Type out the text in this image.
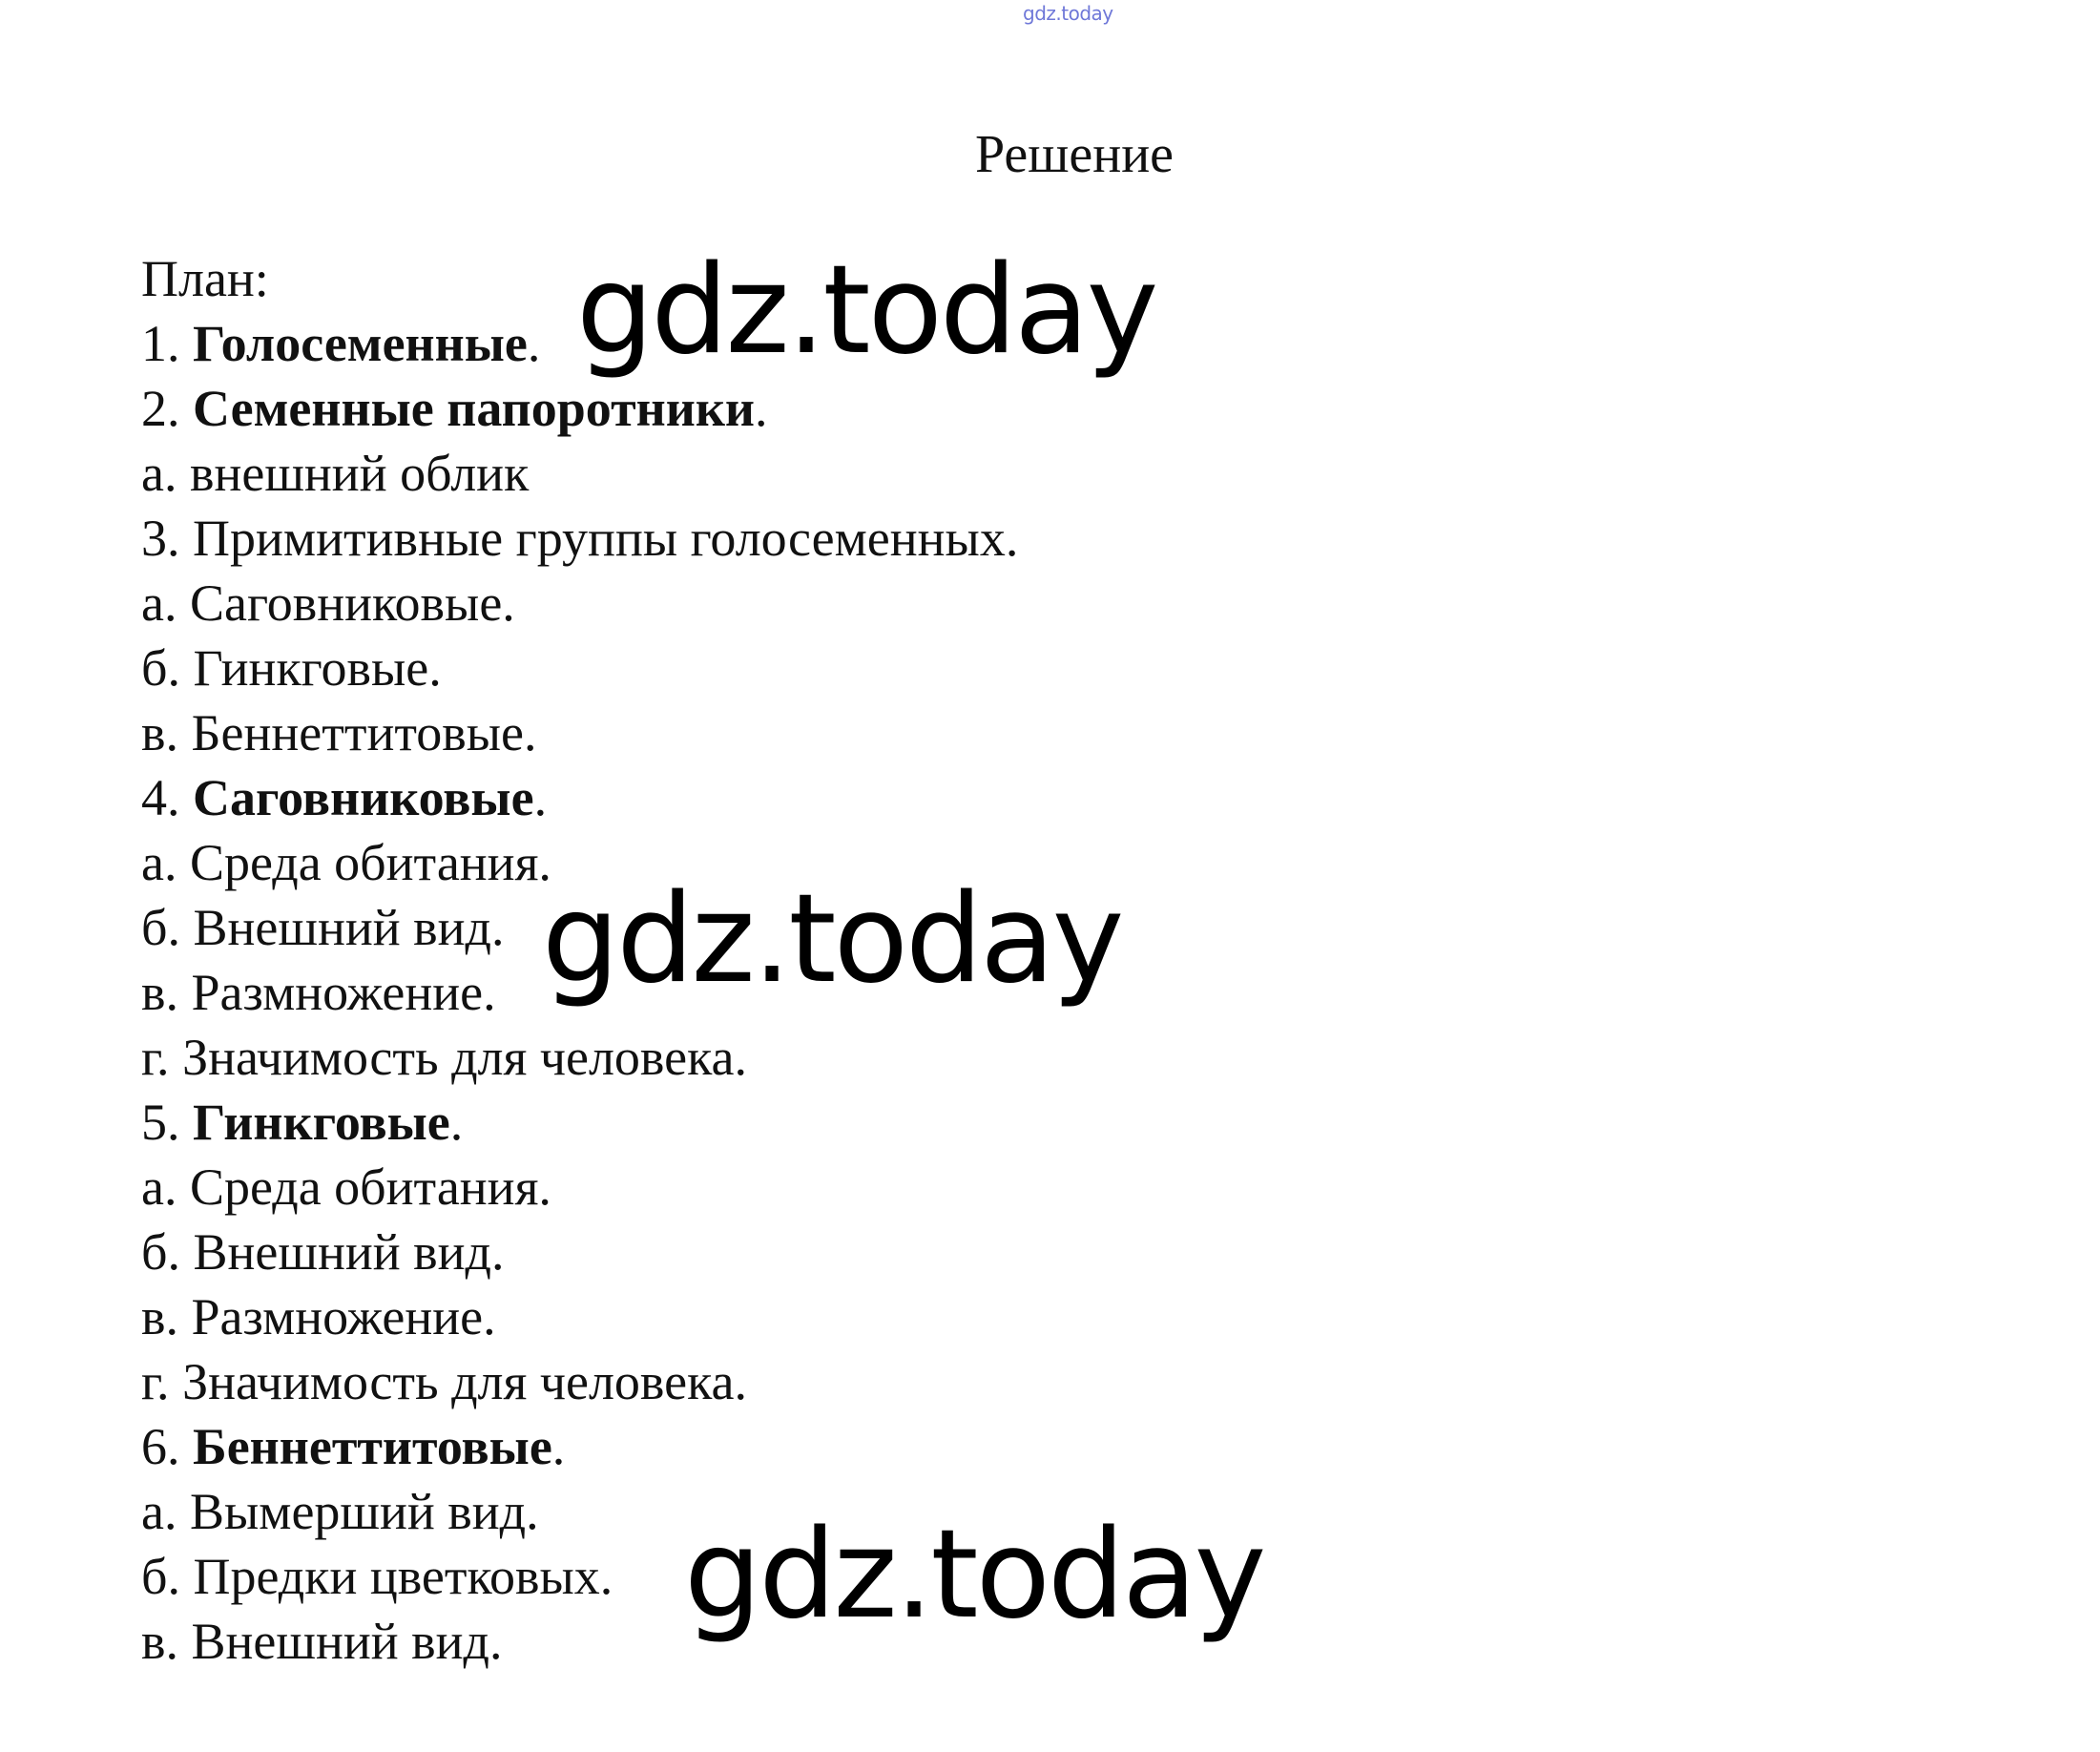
gdz.today
Решение
План:
1. Голосеменные.
2. Семенные папоротники.
а. внешний облик
3. Примитивные группы голосеменных.
а. Саговниковые.
б. Гинкговые.
в. Беннеттитовые.
4. Саговниковые.
а. Среда обитания.
б. Внешний вид.
в. Размножение.
г. Значимость для человека.
5. Гинкговые.
а. Среда обитания.
б. Внешний вид.
в. Размножение.
г. Значимость для человека.
6. Беннеттитовые.
а. Вымерший вид.
б. Предки цветковых.
в. Внешний вид.
gdz.today
gdz.today
gdz.today
